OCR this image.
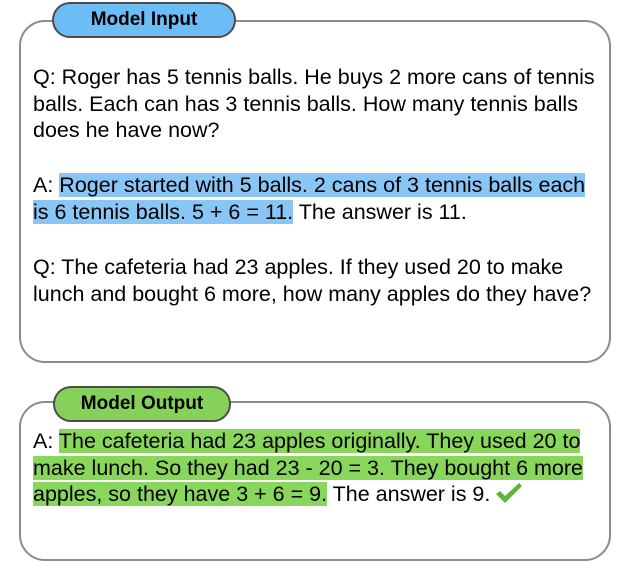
Model Input

Q: Roger has 5 tennis balls. He buys 2 more cans of tennis balls. Each can has 3 tennis balls. How many tennis balls does he have now?

A: Roger started with 5 balls. 2 cans of 3 tennis balls each is 6 tennis balls. 5 + 6 = 11. The answer is 11.

Q: The cafeteria had 23 apples. If they used 20 to make lunch and bought 6 more, how many apples do they have?

Model Output

A: The cafeteria had 23 apples originally. They used 20 to make lunch. So they had 23 - 20 = 3. They bought 6 more apples, so they have 3 + 6 = 9. The answer is 9.
